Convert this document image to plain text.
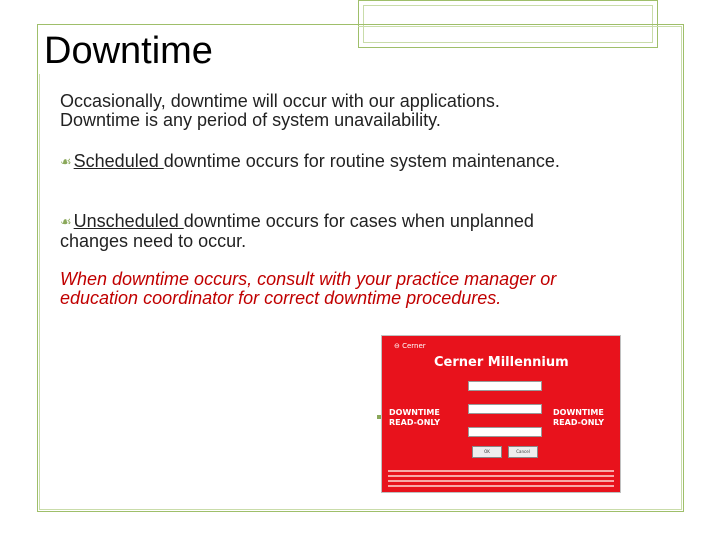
Downtime

Occasionally, downtime will occur with our applications. Downtime is any period of system unavailability.

☙ Scheduled downtime occurs for routine system maintenance.

☙ Unscheduled downtime occurs for cases when unplanned changes need to occur.

When downtime occurs, consult with your practice manager or education coordinator for correct downtime procedures.

⊖ Cerner
Cerner Millennium
DOWNTIME READ-ONLY
DOWNTIME READ-ONLY
OK	Cancel
